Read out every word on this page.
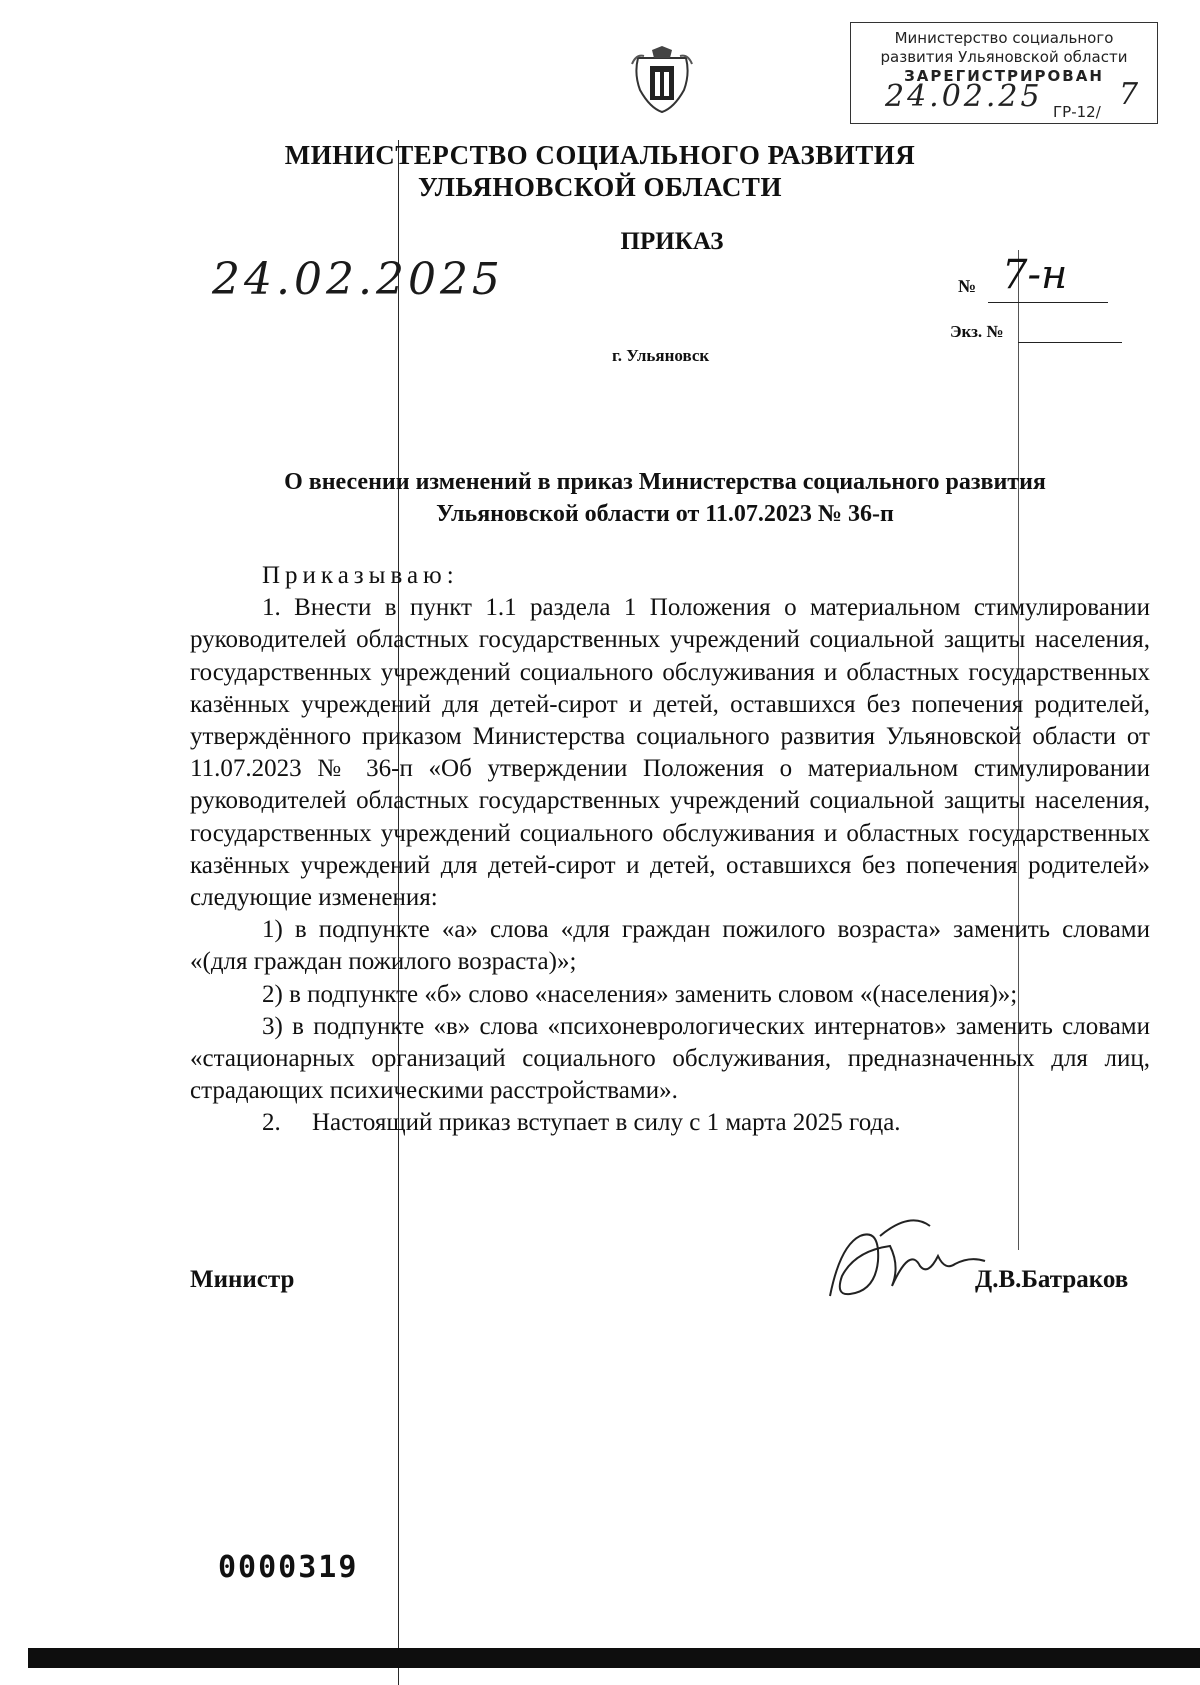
Министерство социального
развития Ульяновской области
ЗАРЕГИСТРИРОВАН
24.02.25 ГР-12/ 7
МИНИСТЕРСТВО СОЦИАЛЬНОГО РАЗВИТИЯ
УЛЬЯНОВСКОЙ ОБЛАСТИ
ПРИКАЗ
24.02.2025	№ 7-н
Экз. №
г. Ульяновск
О внесении изменений в приказ Министерства социального развития
Ульяновской области от 11.07.2023 № 36-п

Приказываю:

1. Внести в пункт 1.1 раздела 1 Положения о материальном стимулировании руководителей областных государственных учреждений социальной защиты населения, государственных учреждений социального обслуживания и областных государственных казённых учреждений для детей-сирот и детей, оставшихся без попечения родителей, утверждённого приказом Министерства социального развития Ульяновской области от 11.07.2023 № 36-п «Об утверждении Положения о материальном стимулировании руководителей областных государственных учреждений социальной защиты населения, государственных учреждений социального обслуживания и областных государственных казённых учреждений для детей-сирот и детей, оставшихся без попечения родителей» следующие изменения:

1) в подпункте «а» слова «для граждан пожилого возраста» заменить словами «(для граждан пожилого возраста)»;

2) в подпункте «б» слово «населения» заменить словом «(населения)»;

3) в подпункте «в» слова «психоневрологических интернатов» заменить словами «стационарных организаций социального обслуживания, предназначенных для лиц, страдающих психическими расстройствами».

2.     Настоящий приказ вступает в силу с 1 марта 2025 года.

Министр	Д.В.Батраков
0000319
